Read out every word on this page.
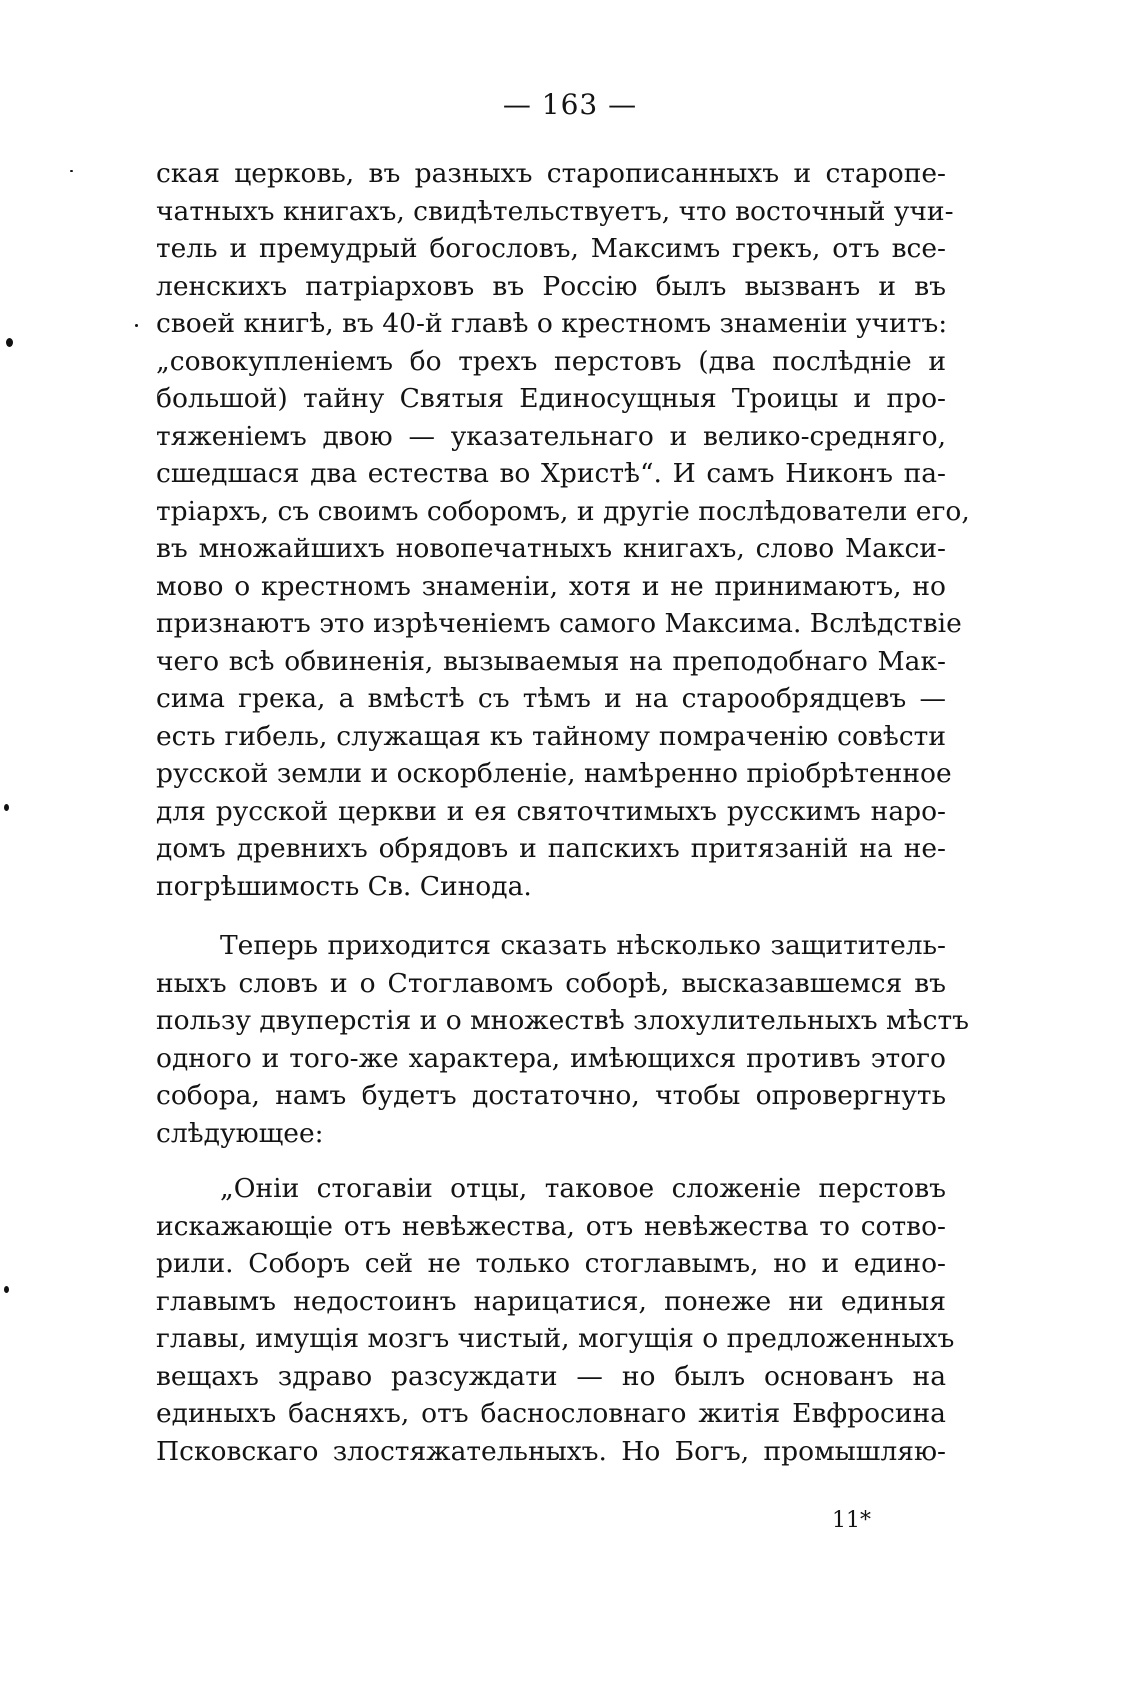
— 163 —
ская церковь, въ разныхъ старописанныхъ и старопе-
чатныхъ книгахъ, свидѣтельствуетъ, что восточный учи-
тель и премудрый богословъ, Максимъ грекъ, отъ все-
ленскихъ патріарховъ въ Россію былъ вызванъ и въ
своей книгѣ, въ 40-й главѣ о крестномъ знаменіи учитъ:
„совокупленіемъ бо трехъ перстовъ (два послѣдніе и
большой) тайну Святыя Единосущныя Троицы и про-
тяженіемъ двою — указательнаго и велико-средняго,
сшедшася два естества во Христѣ“. И самъ Никонъ па-
тріархъ, съ своимъ соборомъ, и другіе послѣдователи его,
въ множайшихъ новопечатныхъ книгахъ, слово Макси-
мово о крестномъ знаменіи, хотя и не принимаютъ, но
признаютъ это изрѣченіемъ самого Максима. Вслѣдствіе
чего всѣ обвиненія, вызываемыя на преподобнаго Мак-
сима грека, а вмѣстѣ съ тѣмъ и на старообрядцевъ —
есть гибель, служащая къ тайному помраченію совѣсти
русской земли и оскорбленіе, намѣренно пріобрѣтенное
для русской церкви и ея святочтимыхъ русскимъ наро-
домъ древнихъ обрядовъ и папскихъ притязаній на не-
погрѣшимость Св. Синода.
Теперь приходится сказать нѣсколько защититель-
ныхъ словъ и о Стоглавомъ соборѣ, высказавшемся въ
пользу двуперстія и о множествѣ злохулительныхъ мѣстъ
одного и того-же характера, имѣющихся противъ этого
собора, намъ будетъ достаточно, чтобы опровергнуть
слѣдующее:
„Оніи стогавіи отцы, таковое сложеніе перстовъ
искажающіе отъ невѣжества, отъ невѣжества то сотво-
рили. Соборъ сей не только стоглавымъ, но и едино-
главымъ недостоинъ нарицатися, понеже ни единыя
главы, имущія мозгъ чистый, могущія о предложенныхъ
вещахъ здраво разсуждати — но былъ основанъ на
единыхъ басняхъ, отъ баснословнаго житія Евфросина
Псковскаго злостяжательныхъ. Но Богъ, промышляю-
11*
